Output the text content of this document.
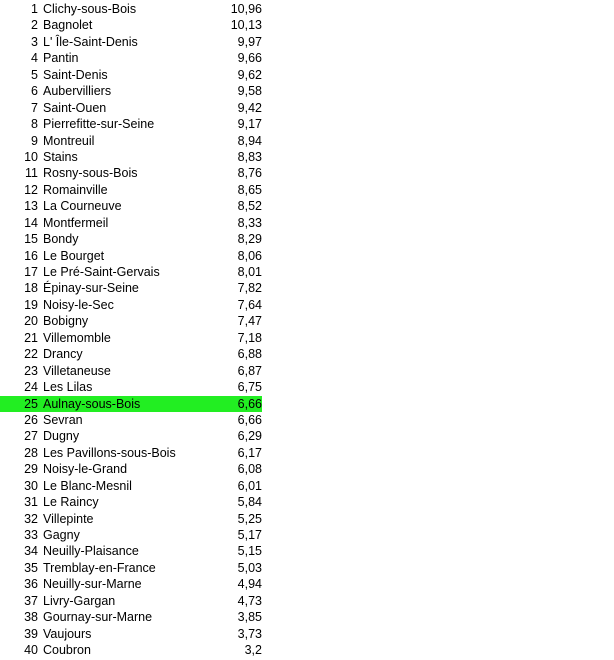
1 Clichy-sous-Bois	10,96
2 Bagnolet	10,13
3 L' Île-Saint-Denis	9,97
4 Pantin	9,66
5 Saint-Denis	9,62
6 Aubervilliers	9,58
7 Saint-Ouen	9,42
8 Pierrefitte-sur-Seine	9,17
9 Montreuil	8,94
10 Stains	8,83
11 Rosny-sous-Bois	8,76
12 Romainville	8,65
13 La Courneuve	8,52
14 Montfermeil	8,33
15 Bondy	8,29
16 Le Bourget	8,06
17 Le Pré-Saint-Gervais	8,01
18 Épinay-sur-Seine	7,82
19 Noisy-le-Sec	7,64
20 Bobigny	7,47
21 Villemomble	7,18
22 Drancy	6,88
23 Villetaneuse	6,87
24 Les Lilas	6,75
25 Aulnay-sous-Bois	6,66
26 Sevran	6,66
27 Dugny	6,29
28 Les Pavillons-sous-Bois	6,17
29 Noisy-le-Grand	6,08
30 Le Blanc-Mesnil	6,01
31 Le Raincy	5,84
32 Villepinte	5,25
33 Gagny	5,17
34 Neuilly-Plaisance	5,15
35 Tremblay-en-France	5,03
36 Neuilly-sur-Marne	4,94
37 Livry-Gargan	4,73
38 Gournay-sur-Marne	3,85
39 Vaujours	3,73
40 Coubron	3,2
